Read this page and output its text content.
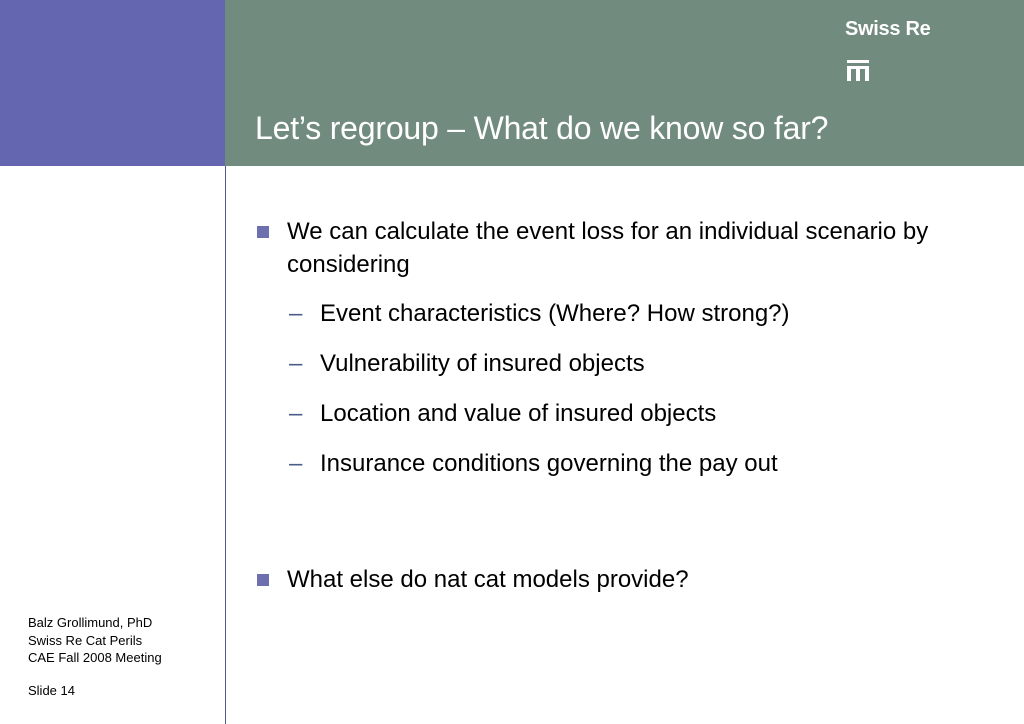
Swiss Re
Let’s regroup – What do we know so far?
We can calculate the event loss for an individual scenario by considering
– Event characteristics (Where? How strong?)
– Vulnerability of insured objects
– Location and value of insured objects
– Insurance conditions governing the pay out
What else do nat cat models provide?
Balz Grollimund, PhD
Swiss Re Cat Perils
CAE Fall 2008 Meeting
Slide 14
